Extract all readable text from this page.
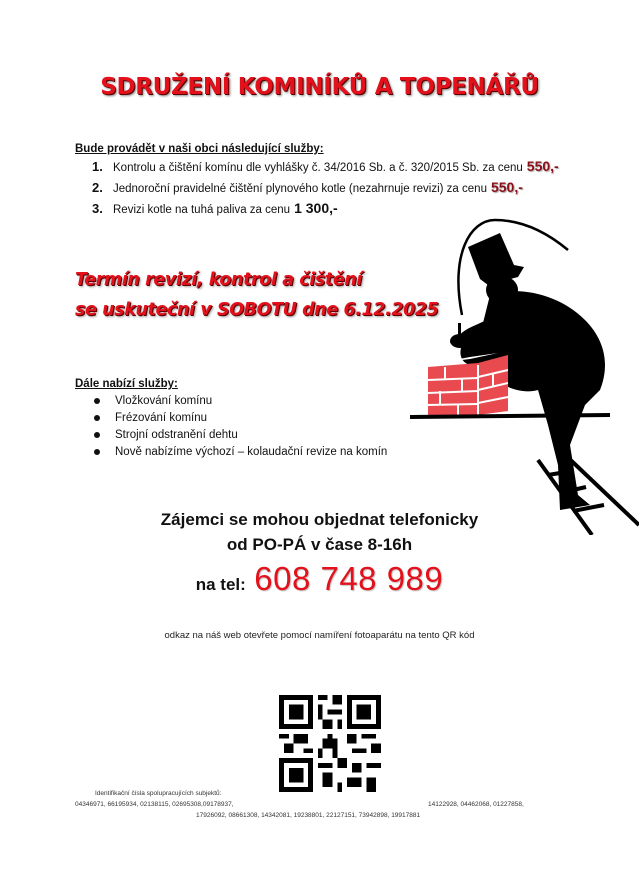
SDRUŽENÍ KOMINÍKŮ A TOPENÁŘŮ
Bude provádět v naši obci následující služby:
1. Kontrolu a čištění komínu dle vyhlášky č. 34/2016 Sb. a č. 320/2015 Sb. za cenu 550,-
2. Jednoroční pravidelné čištění plynového kotle (nezahrnuje revizi) za cenu 550,-
3. Revizi kotle na tuhá paliva za cenu 1 300,-
Termín revizí, kontrol a čištění
se uskuteční v SOBOTU dne 6.12.2025
Dále nabízí služby:
Vložkování komínu
Frézování komínu
Strojní odstranění dehtu
Nově nabízíme výchozí – kolaudační revize na komín
Zájemci se mohou objednat telefonicky
od PO-PÁ v čase 8-16h
na tel: 608 748 989
odkaz na náš web otevřete pomocí namíření fotoaparátu na tento QR kód
Identifikační čísla spolupracujících subjektů:
04346971, 66195934, 02138115, 02695308,09178937,	14122928, 04462068, 01227858,
17926092, 08661308, 14342081, 19238801, 22127151, 73942898, 19917881
